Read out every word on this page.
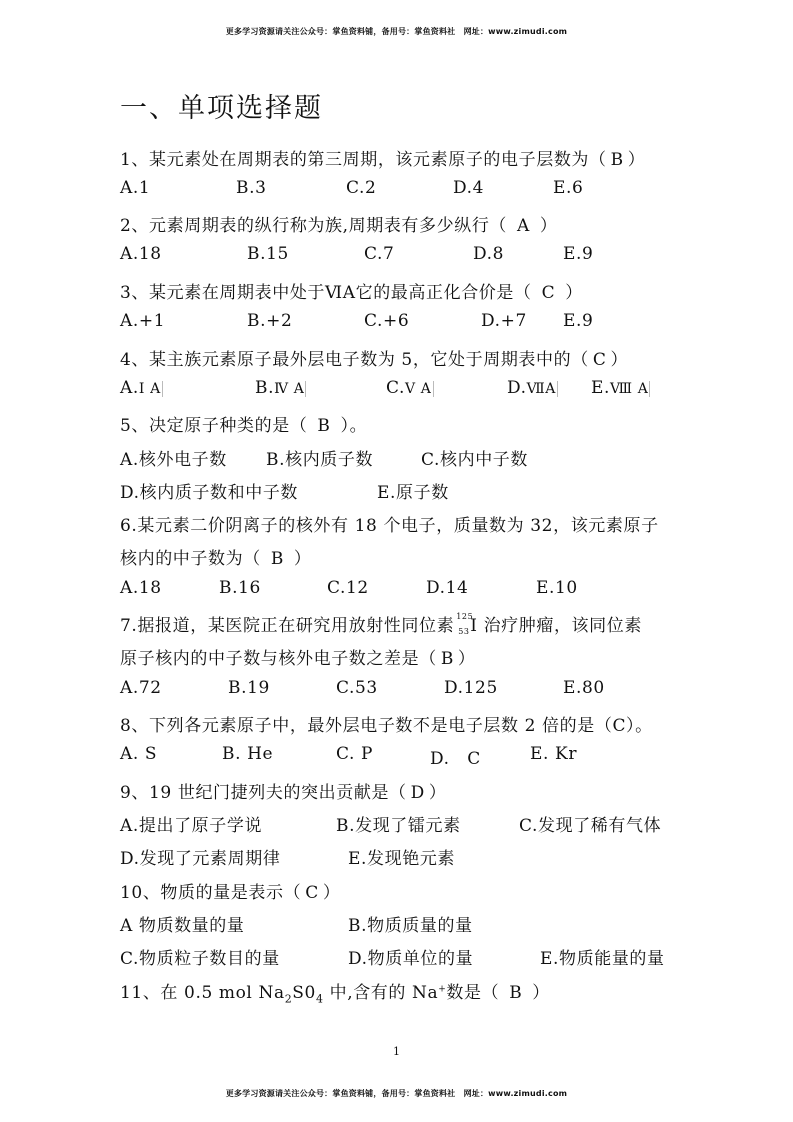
更多学习资源请关注公众号：掌鱼资料铺，备用号：掌鱼资料社　网址：www.zimudi.com
一、单项选择题
1、某元素处在周期表的第三周期，该元素原子的电子层数为（ B ）
A.1	B.3	C.2	D.4	E.6
2、元素周期表的纵行称为族,周期表有多少纵行（ A ）
A.18	B.15	C.7	D.8	E.9
3、某元素在周期表中处于ⅥA它的最高正化合价是（ C ）
A.+1	B.+2	C.+6	D.+7 E.9
4、某主族元素原子最外层电子数为 5，它处于周期表中的（ C ）
A.Ⅰ A	B.Ⅳ A	C.Ⅴ A	D.ⅦA E.Ⅷ A
5、决定原子种类的是（ B ）。
A.核外电子数 B.核内质子数	C.核内中子数
D.核内质子数和中子数	E.原子数
6.某元素二价阴离子的核外有 18 个电子，质量数为 32，该元素原子
核内的中子数为（ B ）
A.18	B.16	C.12	D.14	E.10
7.据报道，某医院正在研究用放射性同位素 125
53 I 治疗肿瘤，该同位素
原子核内的中子数与核外电子数之差是（ B ）
A.72	B.19	C.53	D.125	E.80
8、下列各元素原子中，最外层电子数不是电子层数 2 倍的是（C）。
A. S	B. He	C. P	D.　C	E. Kr
9、19 世纪门捷列夫的突出贡献是（ D ）
A.提出了原子学说	B.发现了镭元素	C.发现了稀有气体
D.发现了元素周期律	E.发现铯元素
10、物质的量是表示（ C ）
A 物质数量的量	B.物质质量的量
C.物质粒子数目的量	D.物质单位的量	E.物质能量的量
11、在 0.5 mol $Na_2S0_4$ 中,含有的 Na+数是（ B ）
1
更多学习资源请关注公众号：掌鱼资料铺，备用号：掌鱼资料社　网址：www.zimudi.com
